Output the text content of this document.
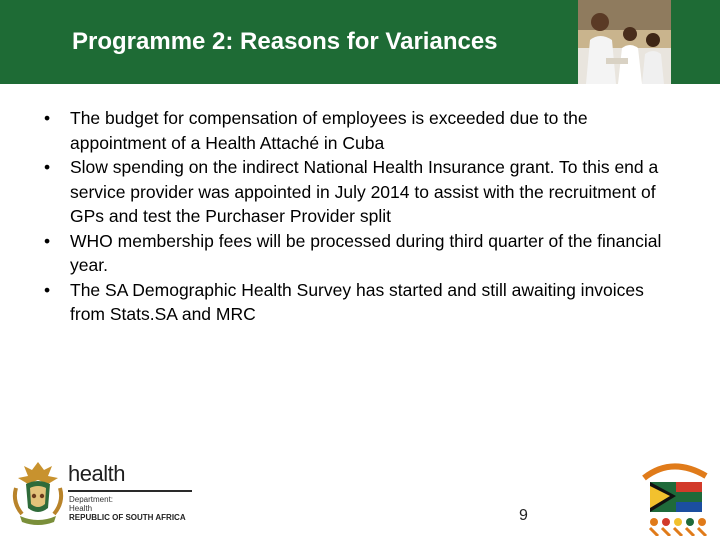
Programme 2: Reasons for Variances
• The budget for compensation of employees is exceeded due to the appointment of a Health Attaché in Cuba
• Slow spending on the indirect National Health Insurance grant. To this end a service provider was appointed in July 2014 to assist with the recruitment of GPs and test the Purchaser Provider split
• WHO membership fees will be processed during third quarter of the financial year.
• The SA Demographic Health Survey has started and still awaiting invoices from Stats.SA and MRC
health
Department:
Health
REPUBLIC OF SOUTH AFRICA	9
